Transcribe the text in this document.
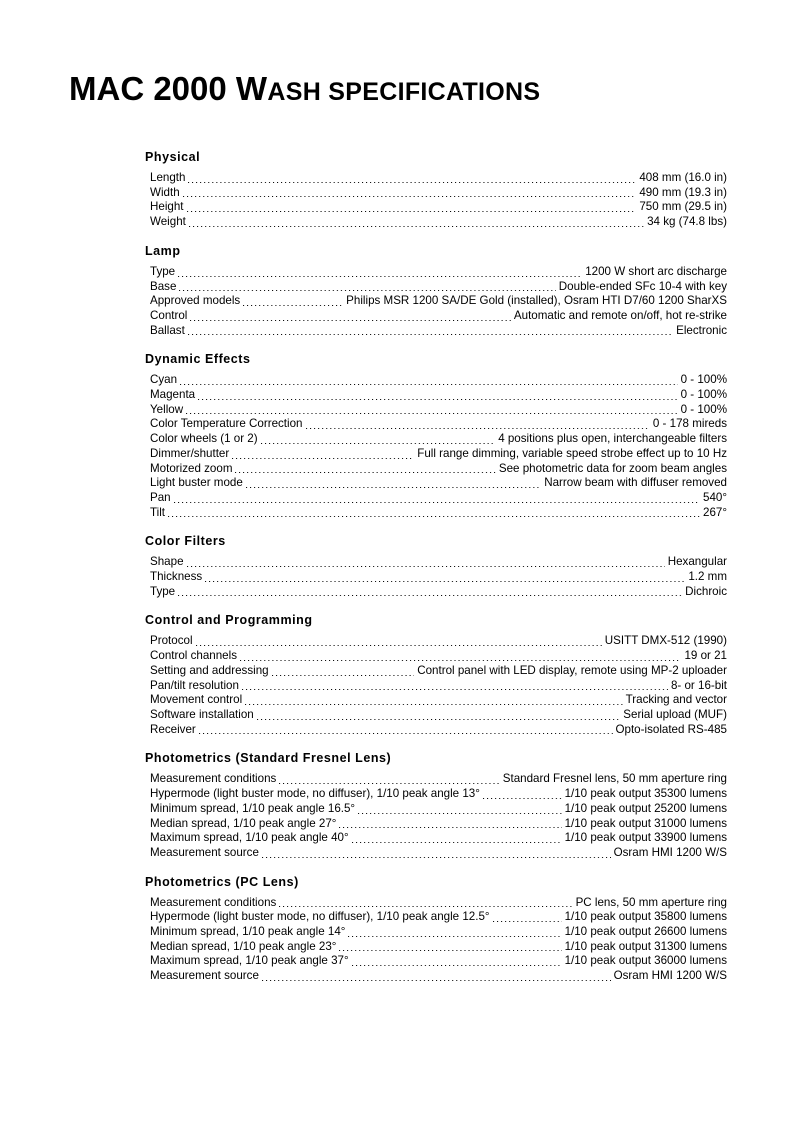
MAC 2000 WASH SPECIFICATIONS
Physical
Length	408 mm (16.0 in)
Width	490 mm (19.3 in)
Height	750 mm (29.5 in)
Weight	34 kg (74.8 lbs)
Lamp
Type	1200 W short arc discharge
Base	Double-ended SFc 10-4 with key
Approved models	Philips MSR 1200 SA/DE Gold (installed), Osram HTI D7/60 1200 SharXS
Control	Automatic and remote on/off, hot re-strike
Ballast	Electronic
Dynamic Effects
Cyan	0 - 100%
Magenta	0 - 100%
Yellow	0 - 100%
Color Temperature Correction	0 - 178 mireds
Color wheels (1 or 2)	4 positions plus open, interchangeable filters
Dimmer/shutter	Full range dimming, variable speed strobe effect up to 10 Hz
Motorized zoom	See photometric data for zoom beam angles
Light buster mode	Narrow beam with diffuser removed
Pan	540°
Tilt	267°
Color Filters
Shape	Hexangular
Thickness	1.2 mm
Type	Dichroic
Control and Programming
Protocol	USITT DMX-512 (1990)
Control channels	19 or 21
Setting and addressing	Control panel with LED display, remote using MP-2 uploader
Pan/tilt resolution	8- or 16-bit
Movement control	Tracking and vector
Software installation	Serial upload (MUF)
Receiver	Opto-isolated RS-485
Photometrics (Standard Fresnel Lens)
Measurement conditions	Standard Fresnel lens, 50 mm aperture ring
Hypermode (light buster mode, no diffuser), 1/10 peak angle 13°	1/10 peak output 35300 lumens
Minimum spread, 1/10 peak angle 16.5°	1/10 peak output 25200 lumens
Median spread, 1/10 peak angle 27°	1/10 peak output 31000 lumens
Maximum spread, 1/10 peak angle 40°	1/10 peak output 33900 lumens
Measurement source	Osram HMI 1200 W/S
Photometrics (PC Lens)
Measurement conditions	PC lens, 50 mm aperture ring
Hypermode (light buster mode, no diffuser), 1/10 peak angle 12.5°	1/10 peak output 35800 lumens
Minimum spread, 1/10 peak angle 14°	1/10 peak output 26600 lumens
Median spread, 1/10 peak angle 23°	1/10 peak output 31300 lumens
Maximum spread, 1/10 peak angle 37°	1/10 peak output 36000 lumens
Measurement source	Osram HMI 1200 W/S
